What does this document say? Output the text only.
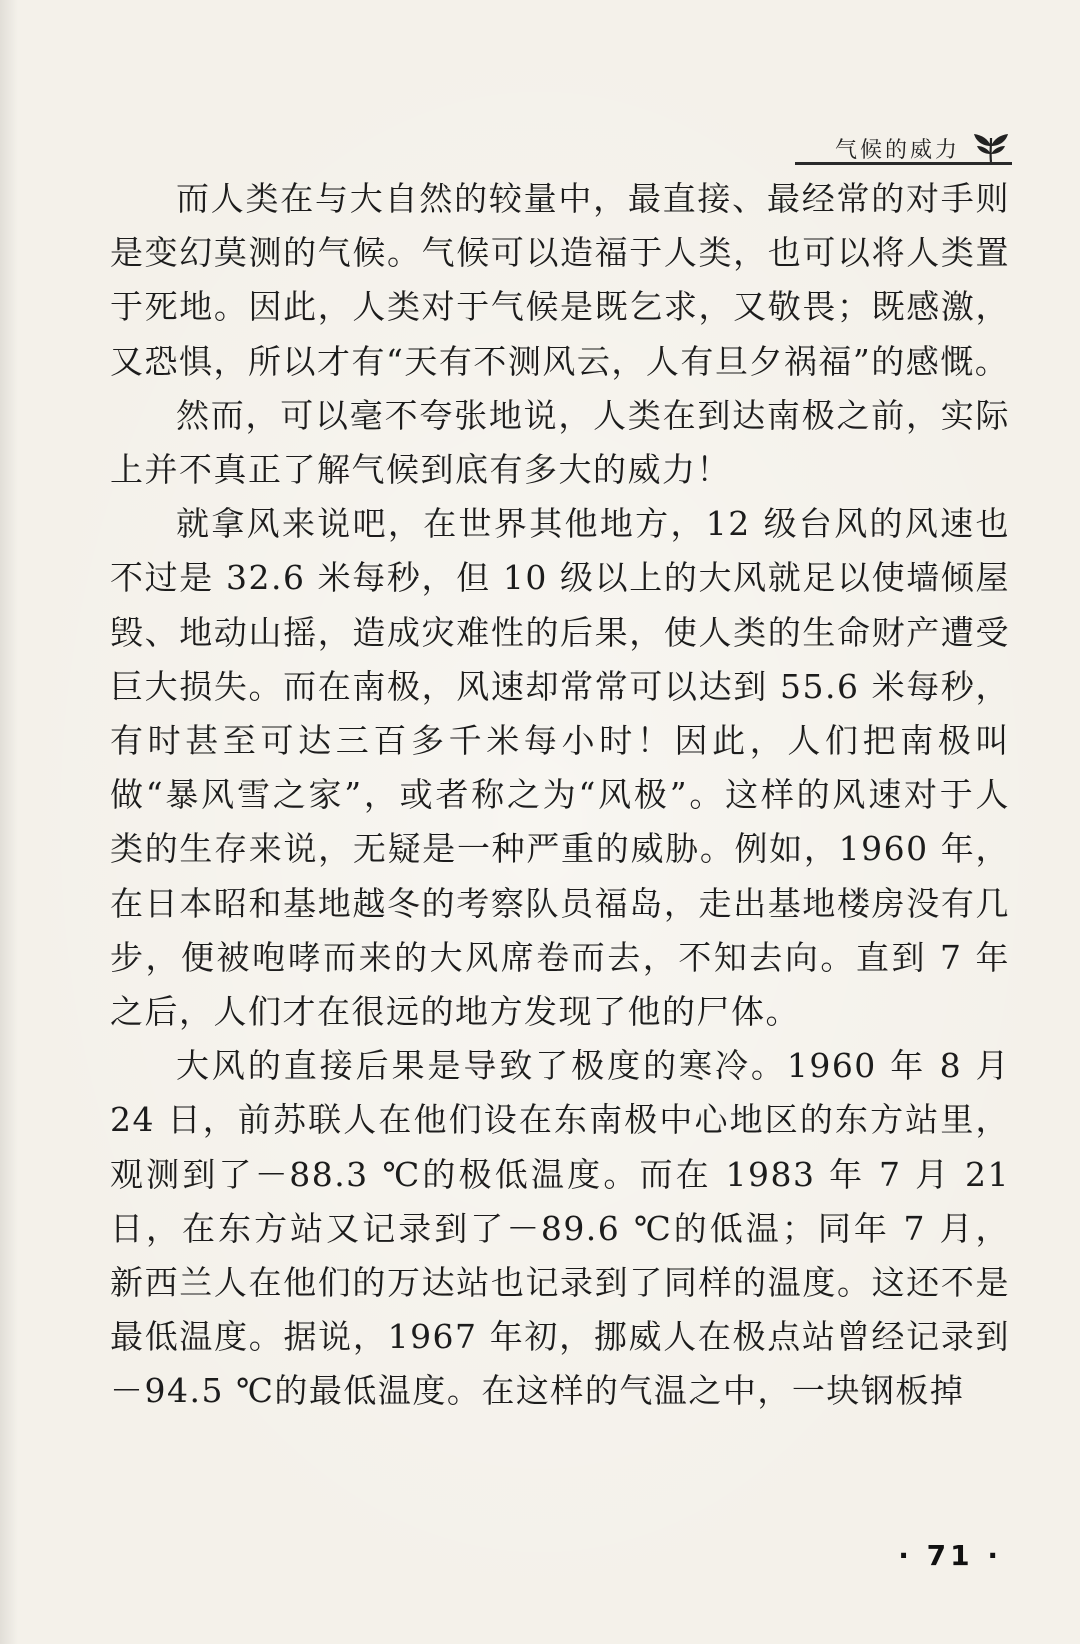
气候的威力

而人类在与大自然的较量中，最直接、最经常的对手则是变幻莫测的气候。气候可以造福于人类，也可以将人类置于死地。因此，人类对于气候是既乞求，又敬畏；既感激，又恐惧，所以才有“天有不测风云，人有旦夕祸福”的感慨。

然而，可以毫不夸张地说，人类在到达南极之前，实际上并不真正了解气候到底有多大的威力！

就拿风来说吧，在世界其他地方，12 级台风的风速也不过是 32.6 米每秒，但 10 级以上的大风就足以使墙倾屋毁、地动山摇，造成灾难性的后果，使人类的生命财产遭受巨大损失。而在南极，风速却常常可以达到 55.6 米每秒，有时甚至可达三百多千米每小时！因此，人们把南极叫做“暴风雪之家”，或者称之为“风极”。这样的风速对于人类的生存来说，无疑是一种严重的威胁。例如，1960 年，在日本昭和基地越冬的考察队员福岛，走出基地楼房没有几步，便被咆哮而来的大风席卷而去，不知去向。直到 7 年之后，人们才在很远的地方发现了他的尸体。

大风的直接后果是导致了极度的寒冷。1960 年 8 月 24 日，前苏联人在他们设在东南极中心地区的东方站里，观测到了－88.3 ℃的极低温度。而在 1983 年 7 月 21 日，在东方站又记录到了－89.6 ℃的低温；同年 7 月，新西兰人在他们的万达站也记录到了同样的温度。这还不是最低温度。据说，1967 年初，挪威人在极点站曾经记录到－94.5 ℃的最低温度。在这样的气温之中，一块钢板掉

· 71 ·
